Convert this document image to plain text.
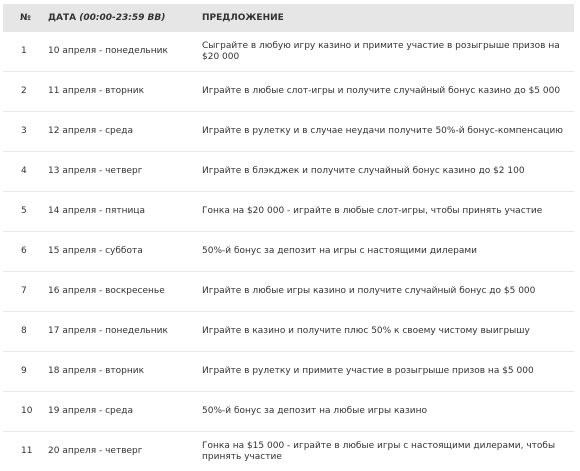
№	ДАТА (00:00-23:59 ВВ)	ПРЕДЛОЖЕНИЕ
1	10 апреля - понедельник	Сыграйте в любую игру казино и примите участие в розыгрыше призов на $20 000
2	11 апреля - вторник	Играйте в любые слот-игры и получите случайный бонус казино до $5 000
3	12 апреля - среда	Играйте в рулетку и в случае неудачи получите 50%-й бонус-компенсацию
4	13 апреля - четверг	Играйте в блэкджек и получите случайный бонус казино до $2 100
5	14 апреля - пятница	Гонка на $20 000 - играйте в любые слот-игры, чтобы принять участие
6	15 апреля - суббота	50%-й бонус за депозит на игры с настоящими дилерами
7	16 апреля - воскресенье	Играйте в любые игры казино и получите случайный бонус до $5 000
8	17 апреля - понедельник	Играйте в казино и получите плюс 50% к своему чистому выигрышу
9	18 апреля - вторник	Играйте в рулетку и примите участие в розыгрыше призов на $5 000
10	19 апреля - среда	50%-й бонус за депозит на любые игры казино
11	20 апреля - четверг	Гонка на $15 000 - играйте в любые игры с настоящими дилерами, чтобы принять участие
